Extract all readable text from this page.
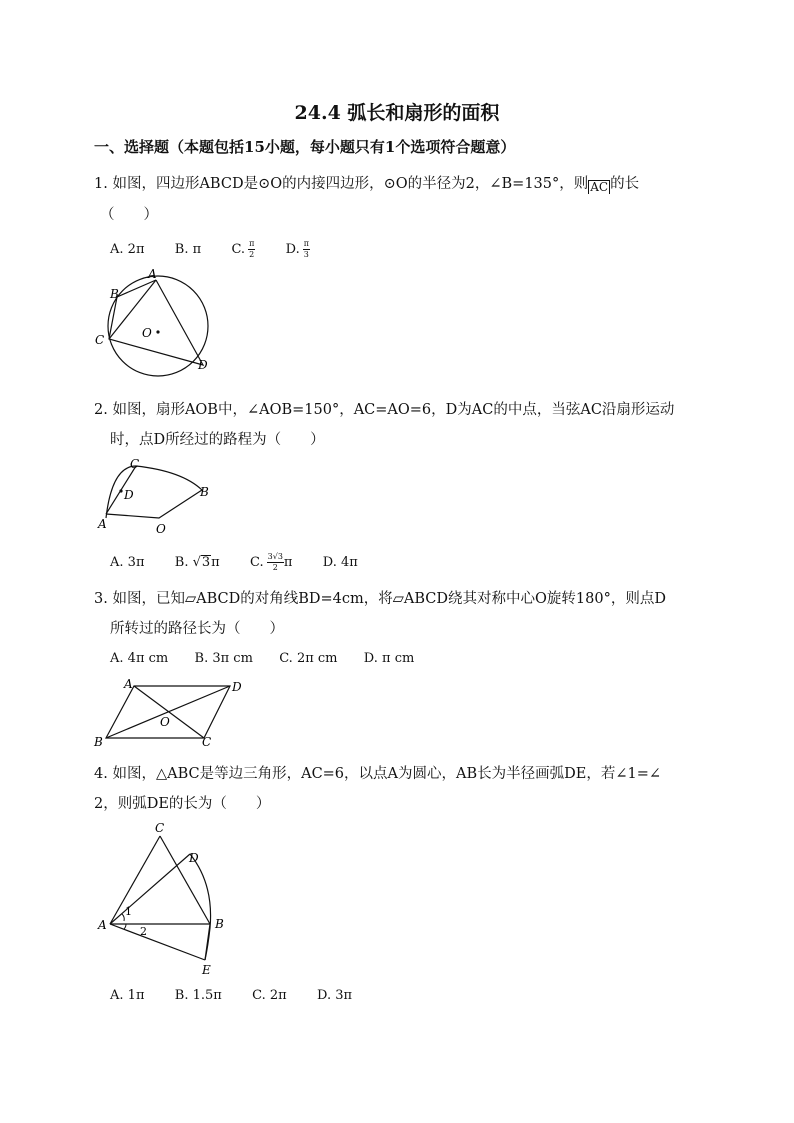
24.4 弧长和扇形的面积
一、选择题（本题包括15小题，每小题只有1个选项符合题意）
1. 如图，四边形ABCD是⊙O的内接四边形，⊙O的半径为2，∠B=135°，则 AC 的长
（　　）
A. 2π B. π C. $\frac{\pi}{2} D$. $\frac{\pi}{3}$
A
B
C
D
O
2. 如图，扇形AOB中，∠AOB=150°，AC=AO=6，D为AC的中点，当弦AC沿扇形运动
时，点D所经过的路程为（　　）
C
D	B
A	O
A. 3π B. √3π C. $\frac{3√3}{2}$ π D. 4π
3. 如图，已知▱ABCD的对角线BD=4cm，将▱ABCD绕其对称中心O旋转180°，则点D
所转过的路径长为（　　）
A. 4π cm B. 3π cm C. 2π cm D. π cm
A	D
B	C
O
4. 如图，△ABC是等边三角形，AC=6，以点A为圆心，AB长为半径画弧DE，若∠1=∠
2，则弧DE的长为（　　）
C
D
A	B
E
1
2
A. 1π B. 1.5π C. 2π D. 3π
